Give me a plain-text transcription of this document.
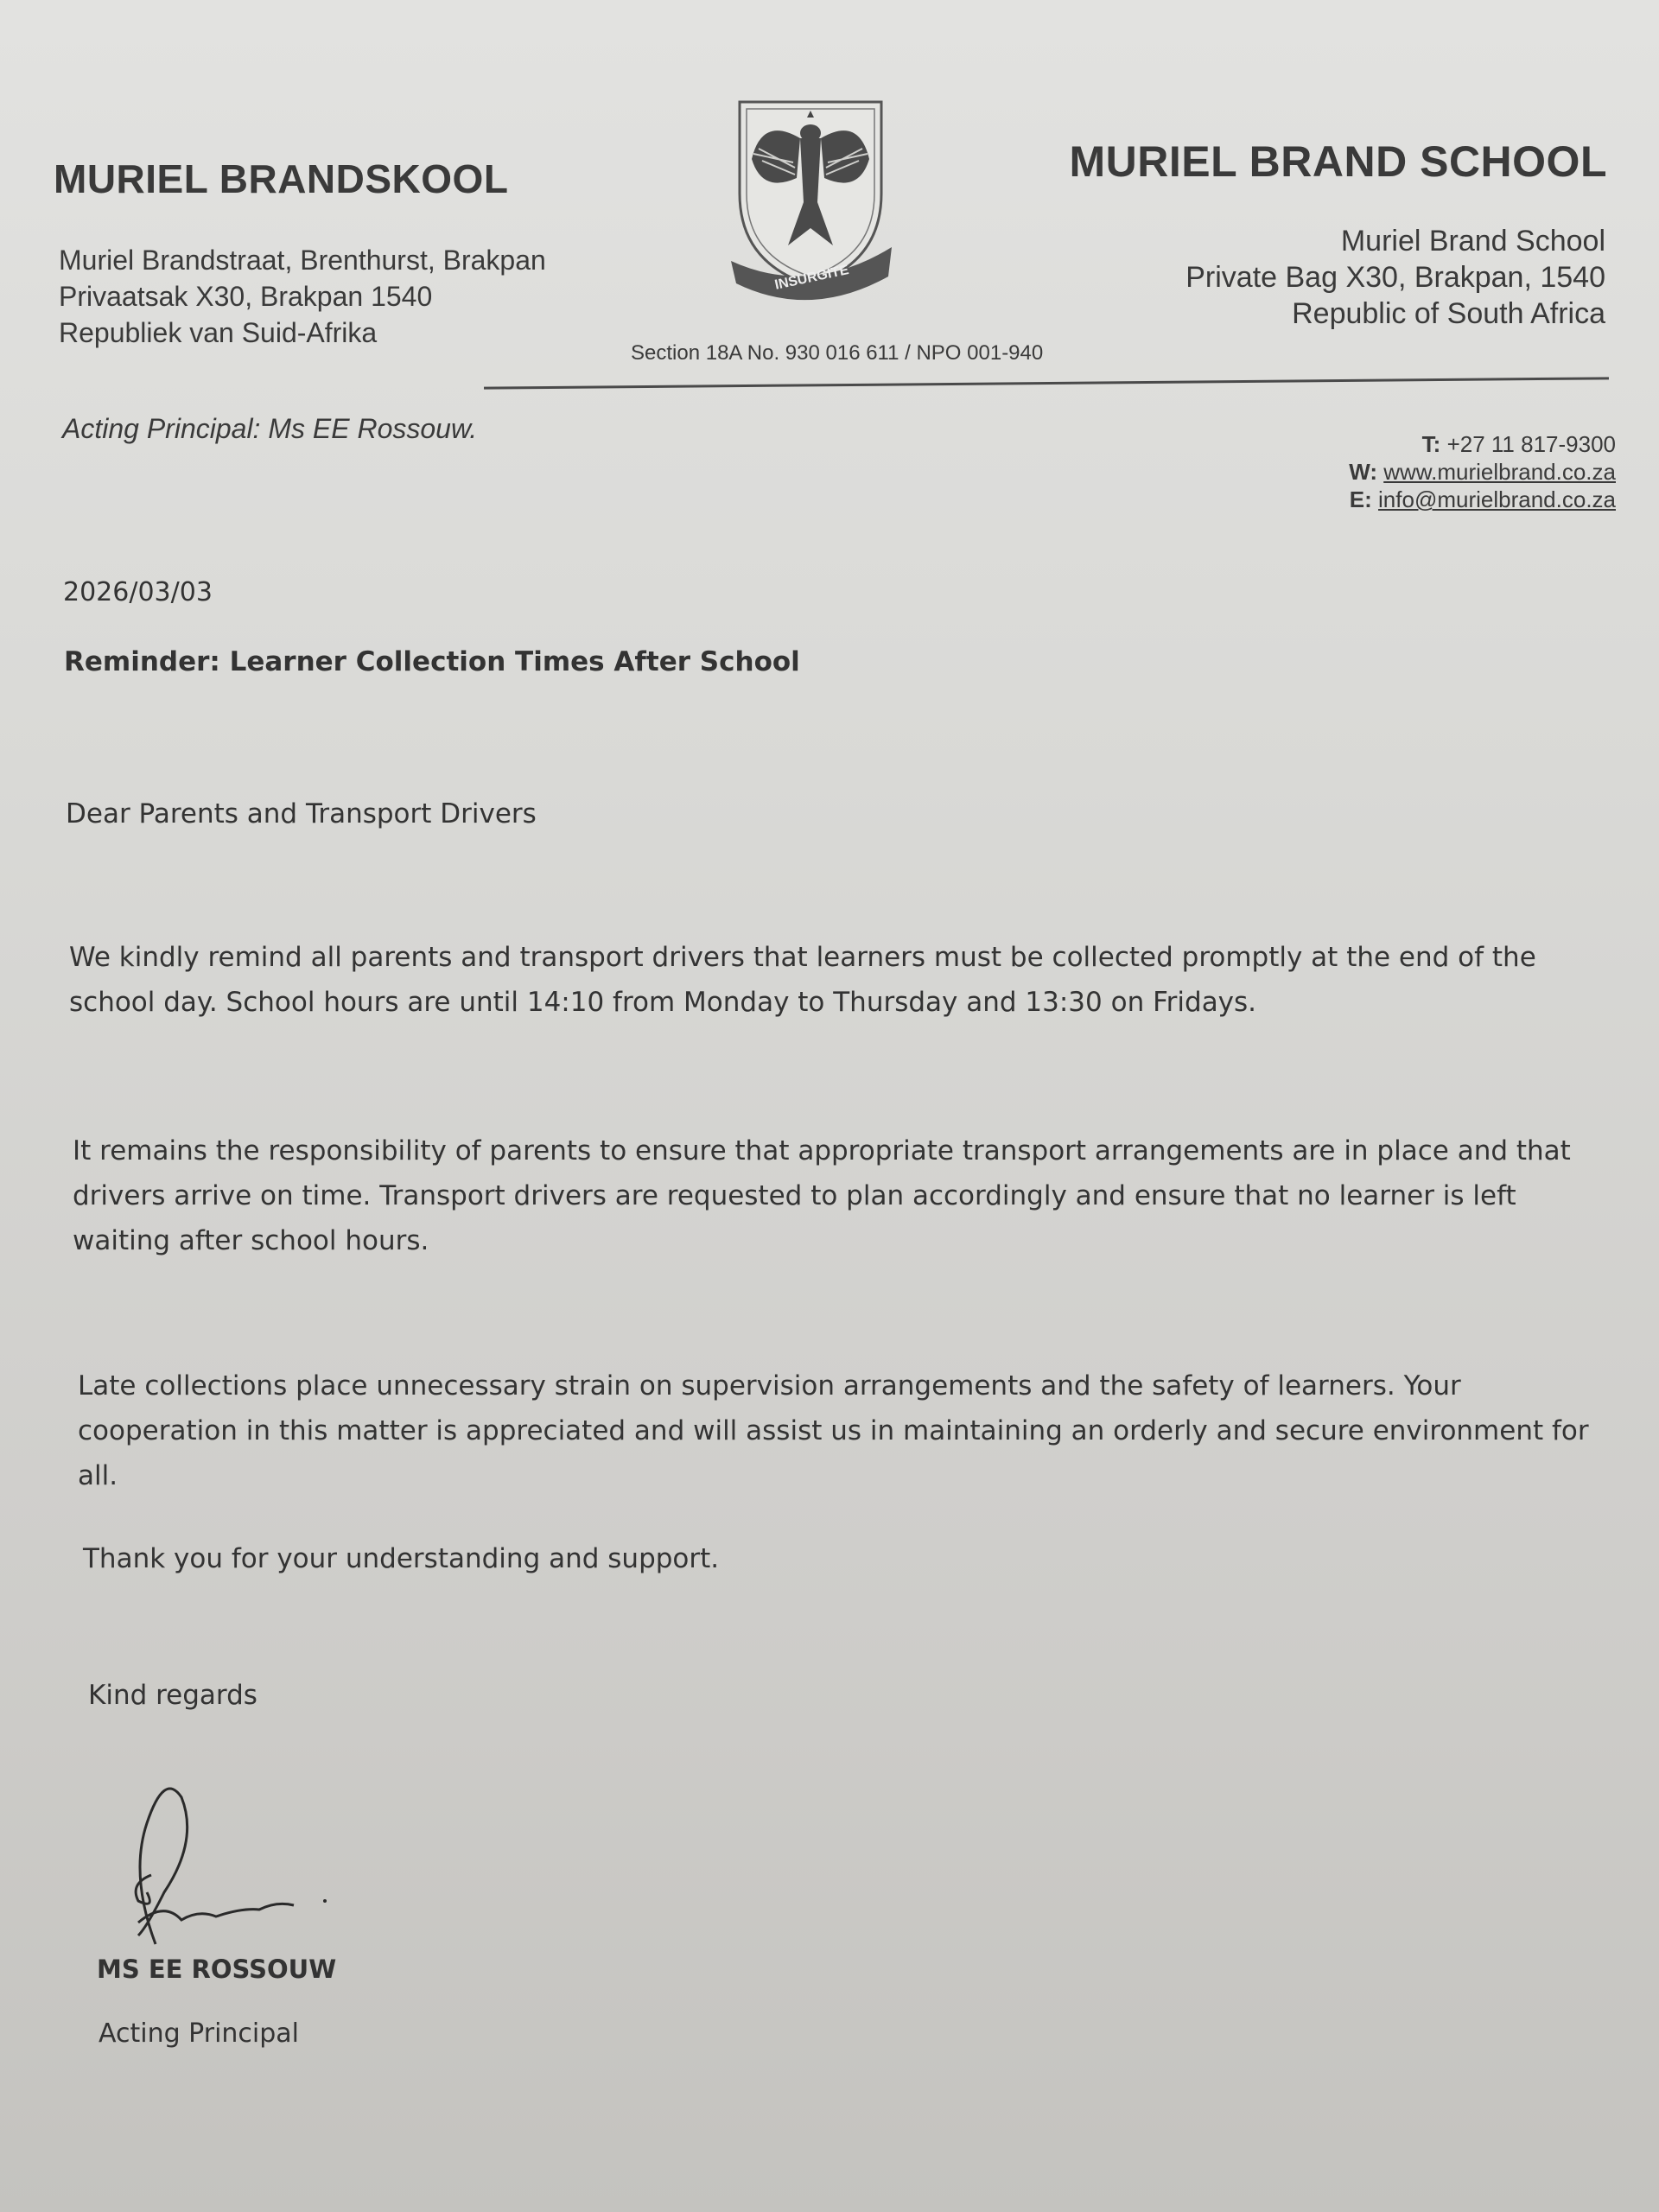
MURIEL BRANDSKOOL
Muriel Brandstraat, Brenthurst, Brakpan
Privaatsak X30, Brakpan 1540
Republiek van Suid-Afrika
INSURGITE
Section 18A No. 930 016 611 / NPO 001-940
MURIEL BRAND SCHOOL
Muriel Brand School
Private Bag X30, Brakpan, 1540
Republic of South Africa
Acting Principal: Ms EE Rossouw.	T: +27 11 817-9300
W: www.murielbrand.co.za
E: info@murielbrand.co.za
2026/03/03
Reminder: Learner Collection Times After School
Dear Parents and Transport Drivers
We kindly remind all parents and transport drivers that learners must be collected promptly at the end of the school day. School hours are until 14:10 from Monday to Thursday and 13:30 on Fridays.
It remains the responsibility of parents to ensure that appropriate transport arrangements are in place and that drivers arrive on time. Transport drivers are requested to plan accordingly and ensure that no learner is left waiting after school hours.
Late collections place unnecessary strain on supervision arrangements and the safety of learners. Your cooperation in this matter is appreciated and will assist us in maintaining an orderly and secure environment for all.
Thank you for your understanding and support.
Kind regards
MS EE ROSSOUW
Acting Principal
